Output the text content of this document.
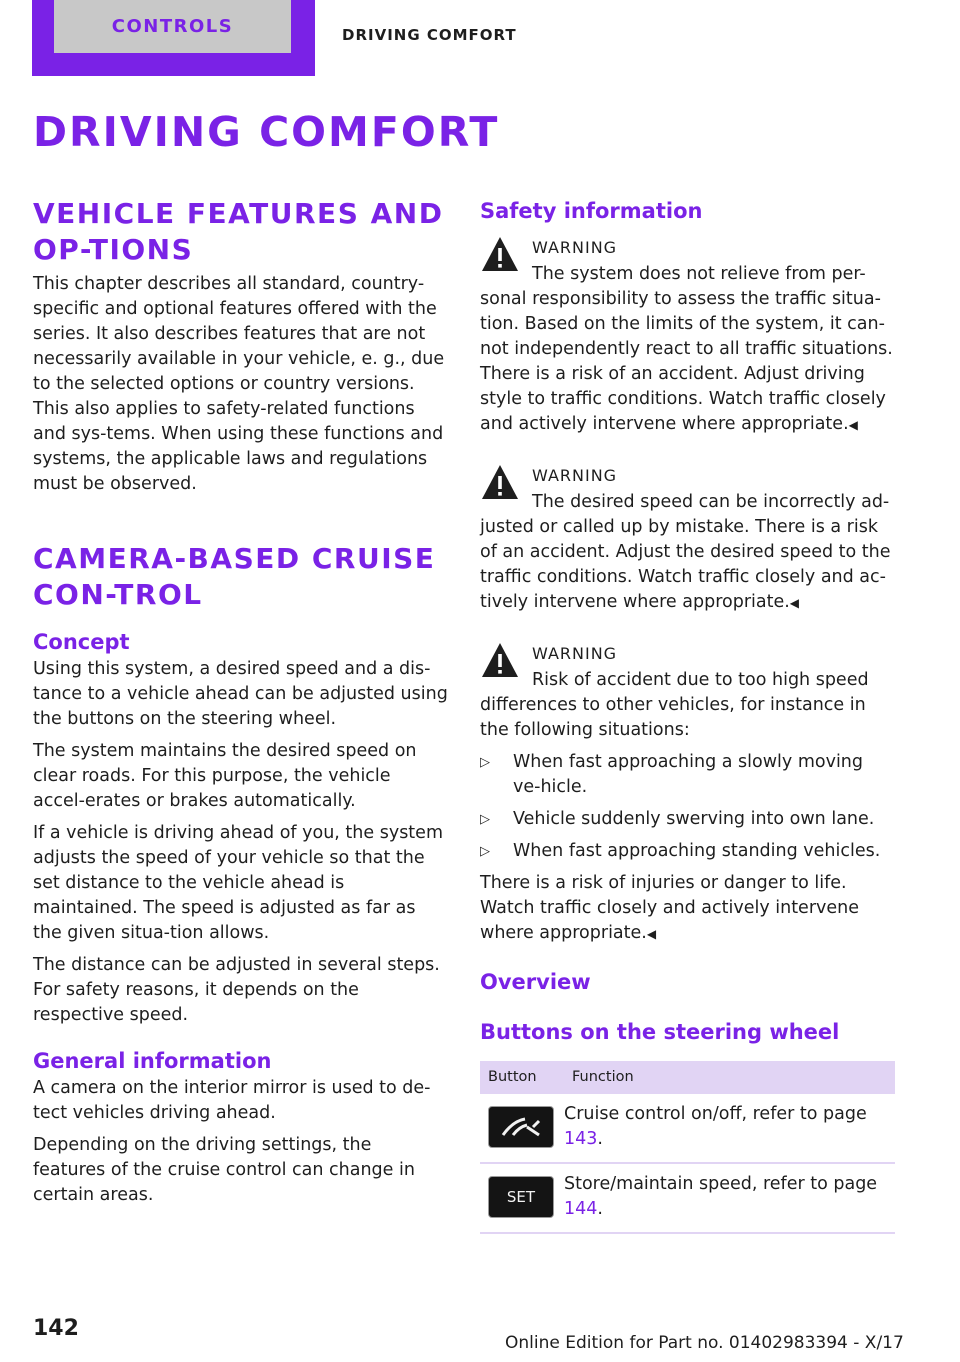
CONTROLS	DRIVING COMFORT
DRIVING COMFORT
VEHICLE FEATURES AND OP-TIONS

This chapter describes all standard, country-specific and optional features offered with the series. It also describes features that are not necessarily available in your vehicle, e. g., due to the selected options or country versions. This also applies to safety-related functions and sys-tems. When using these functions and systems, the applicable laws and regulations must be observed.

CAMERA-BASED CRUISE CON-TROL
Concept

Using this system, a desired speed and a dis-tance to a vehicle ahead can be adjusted using the buttons on the steering wheel.

The system maintains the desired speed on clear roads. For this purpose, the vehicle accel-erates or brakes automatically.

If a vehicle is driving ahead of you, the system adjusts the speed of your vehicle so that the set distance to the vehicle ahead is maintained. The speed is adjusted as far as the given situa-tion allows.

The distance can be adjusted in several steps. For safety reasons, it depends on the respective speed.

General information

A camera on the interior mirror is used to de-tect vehicles driving ahead.

Depending on the driving settings, the features of the cruise control can change in certain areas.

Safety information
WARNING
The system does not relieve from per-
sonal responsibility to assess the traffic situa-tion. Based on the limits of the system, it can-not independently react to all traffic situations. There is a risk of an accident. Adjust driving style to traffic conditions. Watch traffic closely and actively intervene where appropriate.◀
WARNING
The desired speed can be incorrectly ad-
justed or called up by mistake. There is a risk of an accident. Adjust the desired speed to the traffic conditions. Watch traffic closely and ac-tively intervene where appropriate.◀
WARNING
Risk of accident due to too high speed

differences to other vehicles, for instance in the following situations:

▷ When fast approaching a slowly moving ve-hicle.
▷ Vehicle suddenly swerving into own lane.
▷ When fast approaching standing vehicles.
There is a risk of injuries or danger to life. Watch traffic closely and actively intervene where appropriate.◀
Overview
Buttons on the steering wheel
Button	Function

	Cruise control on/off, refer to page 143.

SET	Store/maintain speed, refer to page 144.
142
Online Edition for Part no. 01402983394 - X/17
